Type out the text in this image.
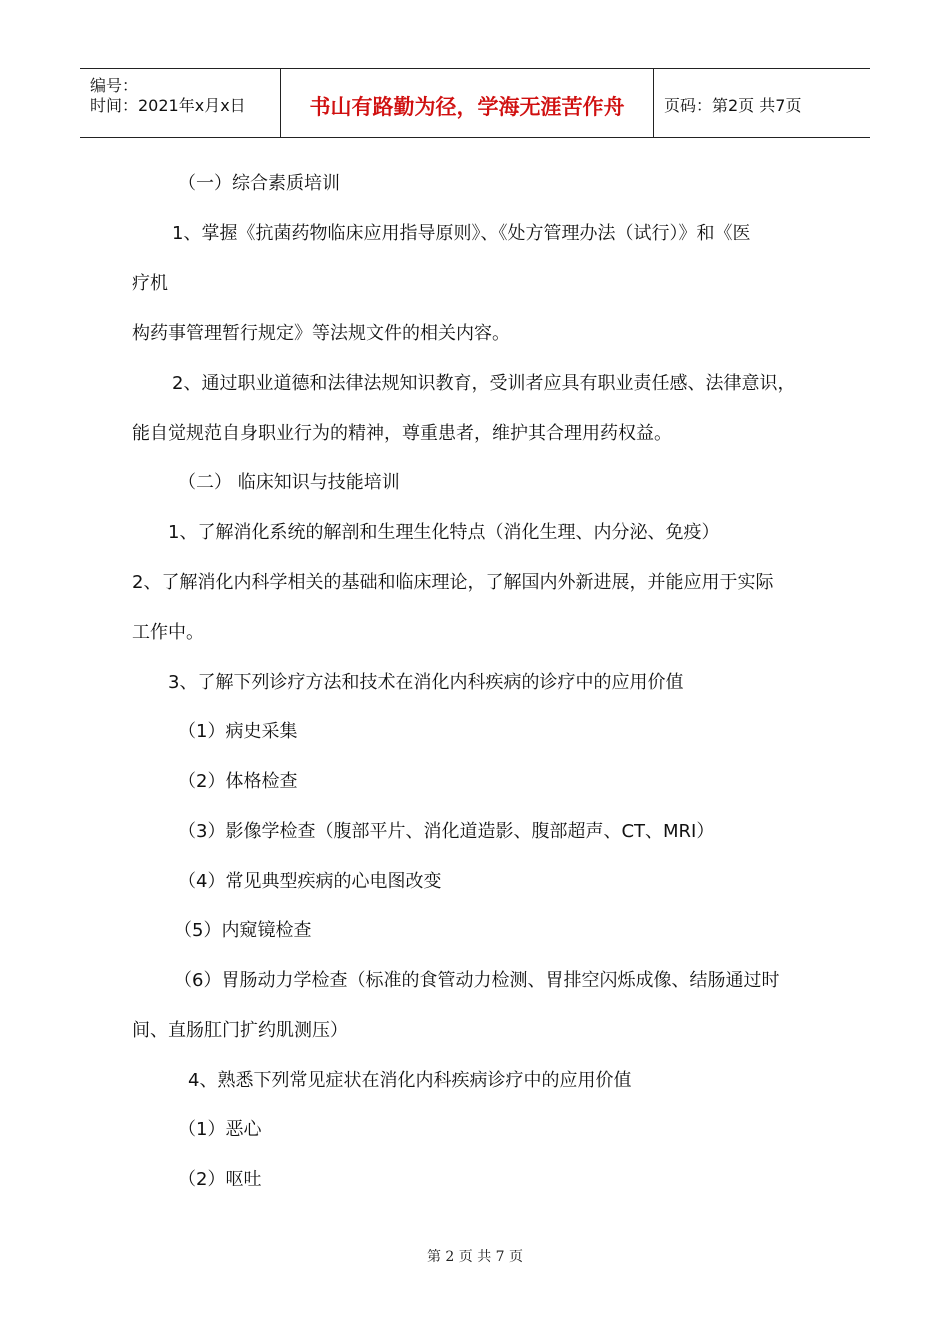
编号：
时间：2021年x月x日	书山有路勤为径，学海无涯苦作舟	页码：第2页 共7页
（一）综合素质培训
1、掌握《抗菌药物临床应用指导原则》、《处方管理办法（试行）》和《医
疗机
构药事管理暂行规定》等法规文件的相关内容。
2、通过职业道德和法律法规知识教育，受训者应具有职业责任感、法律意识，
能自觉规范自身职业行为的精神，尊重患者，维护其合理用药权益。
（二） 临床知识与技能培训
1、了解消化系统的解剖和生理生化特点（消化生理、内分泌、免疫）
2、了解消化内科学相关的基础和临床理论，了解国内外新进展，并能应用于实际
工作中。
3、了解下列诊疗方法和技术在消化内科疾病的诊疗中的应用价值
（1）病史采集
（2）体格检查
（3）影像学检查（腹部平片、消化道造影、腹部超声、CT、MRI）
（4）常见典型疾病的心电图改变
（5）内窥镜检查
（6）胃肠动力学检查（标准的食管动力检测、胃排空闪烁成像、结肠通过时
间、直肠肛门扩约肌测压）
4、熟悉下列常见症状在消化内科疾病诊疗中的应用价值
（1）恶心
（2）呕吐
第 2 页 共 7 页
